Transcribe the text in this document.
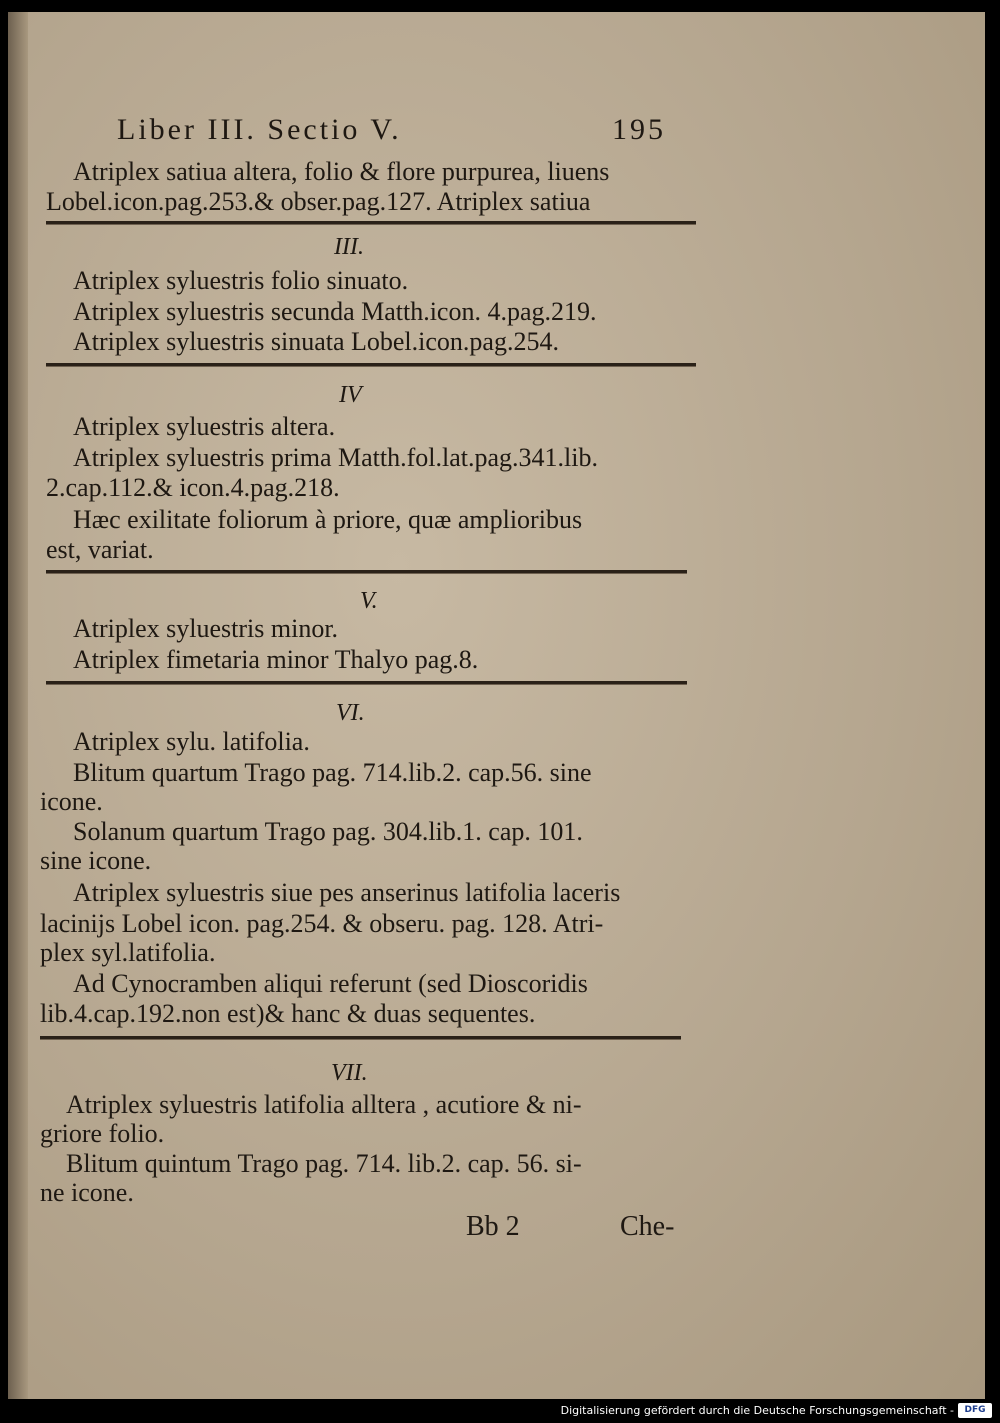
Liber III. Sectio V.	195
Atriplex satiua altera, folio & flore purpurea, liuens
Lobel.icon.pag.253.& obser.pag.127. Atriplex satiua
III.
Atriplex syluestris folio sinuato.
Atriplex syluestris secunda Matth.icon. 4.pag.219.
Atriplex syluestris sinuata Lobel.icon.pag.254.
IV
Atriplex syluestris altera.
Atriplex syluestris prima Matth.fol.lat.pag.341.lib.
2.cap.112.& icon.4.pag.218.
Hæc exilitate foliorum à priore, quæ amplioribus
est, variat.
V.
Atriplex syluestris minor.
Atriplex fimetaria minor Thalyo pag.8.
VI.
Atriplex sylu. latifolia.
Blitum quartum Trago pag. 714.lib.2. cap.56. sine
icone.
Solanum quartum Trago pag. 304.lib.1. cap. 101.
sine icone.
Atriplex syluestris siue pes anserinus latifolia laceris
lacinijs Lobel icon. pag.254. & obseru. pag. 128. Atri-
plex syl.latifolia.
Ad Cynocramben aliqui referunt (sed Dioscoridis
lib.4.cap.192.non est)& hanc & duas sequentes.
VII.
Atriplex syluestris latifolia alltera , acutiore & ni-
griore folio.
Blitum quintum Trago pag. 714. lib.2. cap. 56. si-
ne icone.
Bb 2	Che-
Digitalisierung gefördert durch die Deutsche Forschungsgemeinschaft -	DFG
